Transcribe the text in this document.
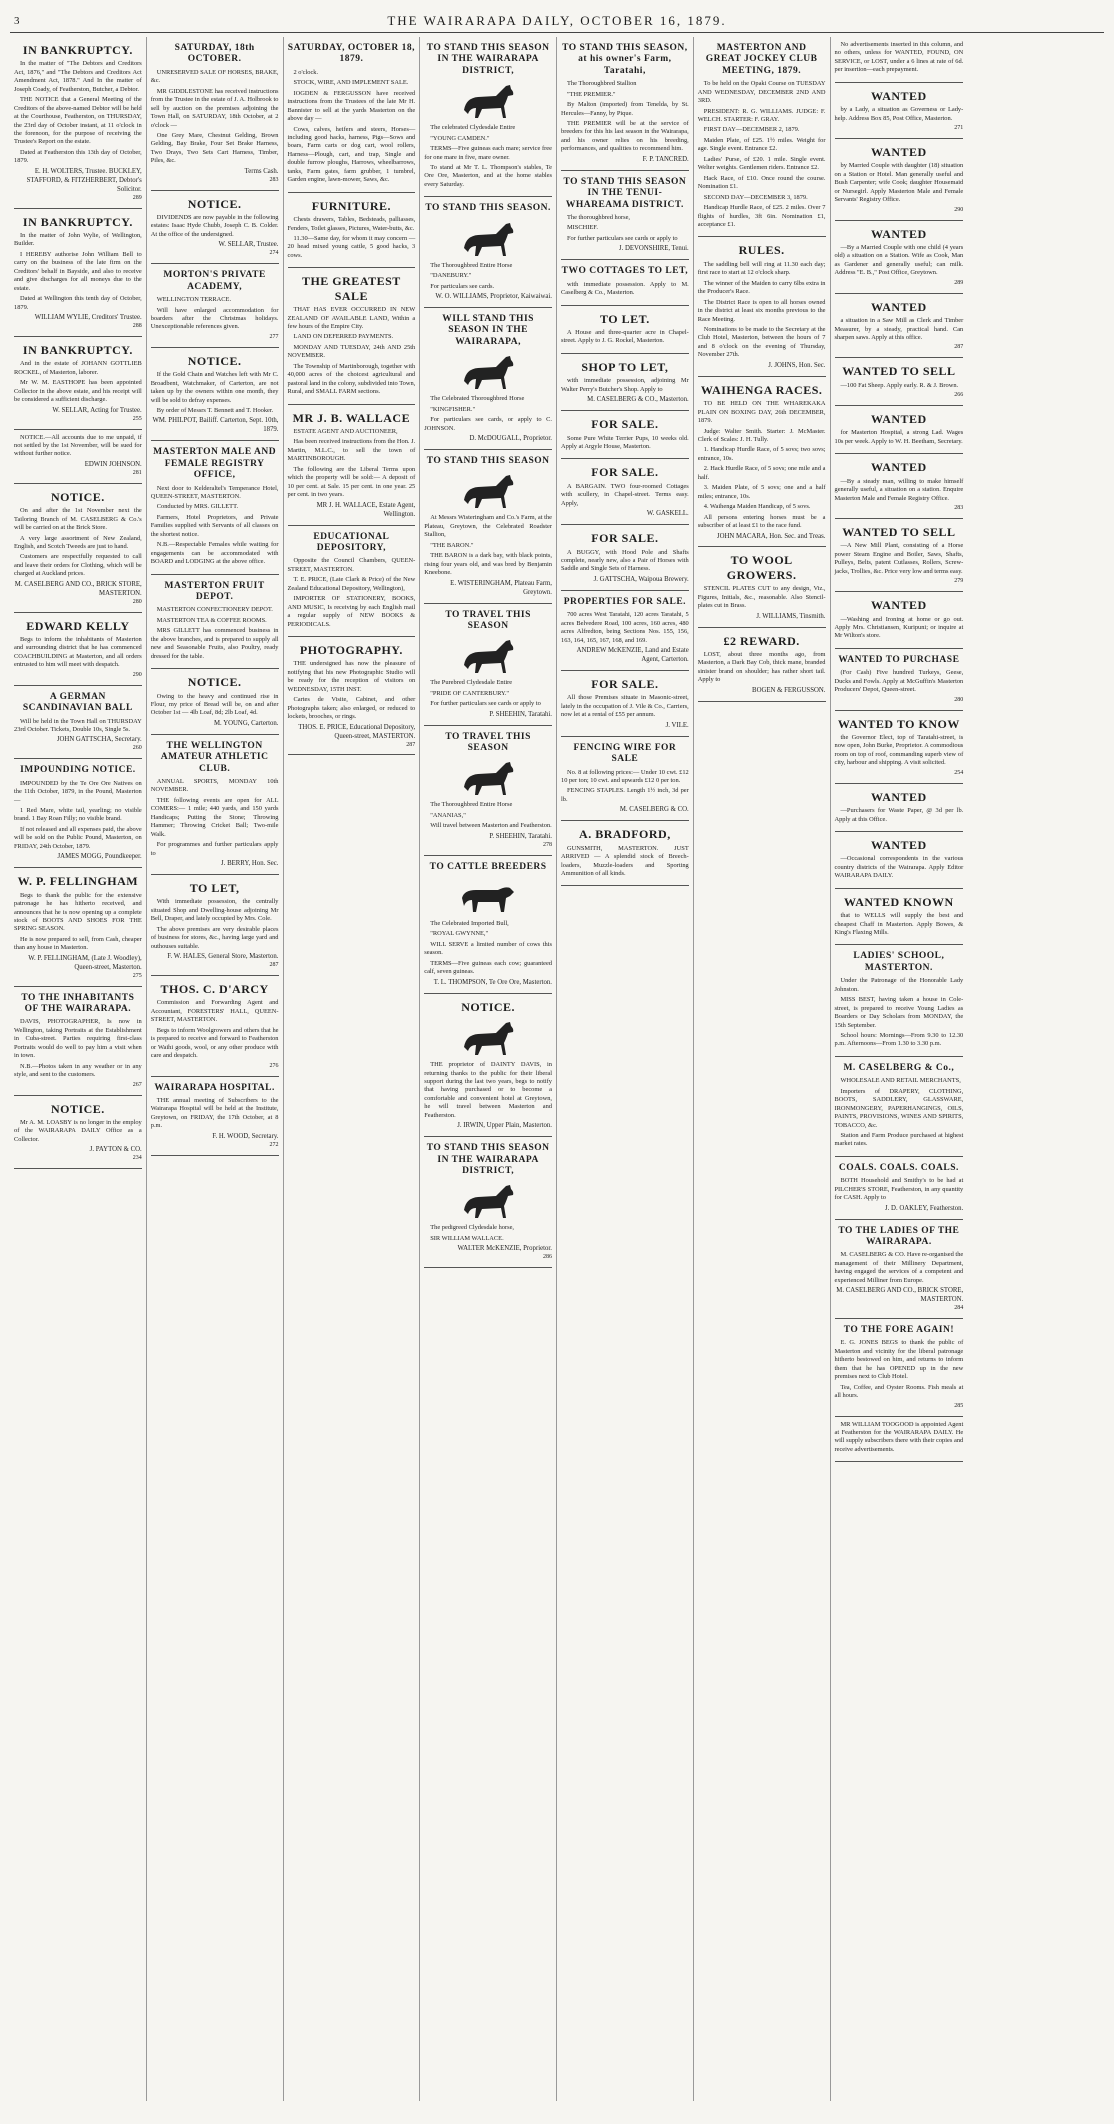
3	THE WAIRARAPA DAILY, OCTOBER 16, 1879.
IN BANKRUPTCY.

In the matter of "The Debtors and Creditors Act, 1876," and "The Debtors and Creditors Act Amendment Act, 1878." And In the matter of Joseph Coady, of Featherston, Butcher, a Debtor.

THE NOTICE that a General Meeting of the Creditors of the above-named Debtor will be held at the Courthouse, Featherston, on THURSDAY, the 23rd day of October instant, at 11 o'clock in the forenoon, for the purpose of receiving the Trustee's Report on the estate.

Dated at Featherston this 13th day of October, 1879.

E. H. WOLTERS, Trustee. BUCKLEY, STAFFORD, & FITZHERBERT, Debtor's Solicitor.
289
IN BANKRUPTCY.

In the matter of John Wylie, of Wellington, Builder.

I HEREBY authorise John William Bell to carry on the business of the late firm on the Creditors' behalf in Bayside, and also to receive and give discharges for all moneys due to the estate.

Dated at Wellington this tenth day of October, 1879.

WILLIAM WYLIE, Creditors' Trustee.
288
IN BANKRUPTCY.

And in the estate of JOHANN GOTTLIEB ROCKEL, of Masterton, laborer.

Mr W. M. EASTHOPE has been appointed Collector in the above estate, and his receipt will be considered a sufficient discharge.

W. SELLAR, Acting for Trustee.
255

NOTICE.—All accounts due to me unpaid, if not settled by the 1st November, will be sued for without further notice.

EDWIN JOHNSON.
281
NOTICE.

On and after the 1st November next the Tailoring Branch of M. CASELBERG & Co.'s will be carried on at the Brick Store.

A very large assortment of New Zealand, English, and Scotch Tweeds are just to hand.

Customers are respectfully requested to call and leave their orders for Clothing, which will be charged at Auckland prices.

M. CASELBERG AND CO., BRICK STORE, MASTERTON.
280
EDWARD KELLY

Begs to inform the inhabitants of Masterton and surrounding district that he has commenced COACHBUILDING at Masterton, and all orders entrusted to him will meet with despatch.

290
A GERMAN SCANDINAVIAN BALL

Will be held in the Town Hall on THURSDAY 23rd October. Tickets, Double 10s, Single 5s.

JOHN GATTSCHA, Secretary.
260
IMPOUNDING NOTICE.

IMPOUNDED by the Te Ore Ore Natives on the 11th October, 1879, in the Pound, Masterton —

1 Red Mare, white tail, yearling; no visible brand. 1 Bay Roan Filly; no visible brand.

If not released and all expenses paid, the above will be sold on the Public Pound, Masterton, on FRIDAY, 24th October, 1879.

JAMES MOGG, Poundkeeper.
W. P. FELLINGHAM

Begs to thank the public for the extensive patronage he has hitherto received, and announces that he is now opening up a complete stock of BOOTS AND SHOES FOR THE SPRING SEASON.

He is now prepared to sell, from Cash, cheaper than any house in Masterton.

W. P. FELLINGHAM, (Late J. Woodley), Queen-street, Masterton.
275
TO THE INHABITANTS OF THE WAIRARAPA.

DAVIS, PHOTOGRAPHER, Is now in Wellington, taking Portraits at the Establishment in Cuba-street. Parties requiring first-class Portraits would do well to pay him a visit when in town.

N.B.—Photos taken in any weather or in any style, and sent to the customers.

267
NOTICE.

Mr A. M. LOASBY is no longer in the employ of the WAIRARAPA DAILY Office as a Collector.

J. PAYTON & CO.
234
SATURDAY, 18th OCTOBER.

UNRESERVED SALE OF HORSES, BRAKE, &c.

MR GIDDLESTONE has received instructions from the Trustee in the estate of J. A. Holbrook to sell by auction on the premises adjoining the Town Hall, on SATURDAY, 18th October, at 2 o'clock —

One Grey Mare, Chestnut Gelding, Brown Gelding, Bay Brake, Four Set Brake Harness, Two Drays, Two Sets Cart Harness, Timber, Piles, &c.

Terms Cash.
283
NOTICE.

DIVIDENDS are now payable in the following estates: Isaac Hyde Chubb, Joseph C. B. Colder. At the office of the undersigned.

W. SELLAR, Trustee.
274
MORTON'S PRIVATE ACADEMY,

WELLINGTON TERRACE.

Will have enlarged accommodation for boarders after the Christmas holidays. Unexceptionable references given.

277
NOTICE.

If the Gold Chain and Watches left with Mr C. Broadbent, Watchmaker, of Carterton, are not taken up by the owners within one month, they will be sold to defray expenses.

By order of Messrs T. Bennett and T. Hooker.

WM. PHILPOT, Bailiff. Carterton, Sept. 10th, 1879.
MASTERTON MALE AND FEMALE REGISTRY OFFICE,

Next door to Kelderaltel's Temperance Hotel, QUEEN-STREET, MASTERTON.

Conducted by MRS. GILLETT.

Farmers, Hotel Proprietors, and Private Families supplied with Servants of all classes on the shortest notice.

N.B.—Respectable Females while waiting for engagements can be accommodated with BOARD and LODGING at the above office.

MASTERTON FRUIT DEPOT.

MASTERTON CONFECTIONERY DEPOT.

MASTERTON TEA & COFFEE ROOMS.

MRS GILLETT has commenced business in the above branches, and is prepared to supply all new and Seasonable Fruits, also Poultry, ready dressed for the table.

NOTICE.

Owing to the heavy and continued rise in Flour, my price of Bread will be, on and after October 1st — 4lb Loaf, 8d; 2lb Loaf, 4d.

M. YOUNG, Carterton.
THE WELLINGTON AMATEUR ATHLETIC CLUB.

ANNUAL SPORTS, MONDAY 10th NOVEMBER.

THE following events are open for ALL COMERS:— 1 mile; 440 yards, and 150 yards Handicaps; Putting the Stone; Throwing Hammer; Throwing Cricket Ball; Two-mile Walk.

For programmes and further particulars apply to

J. BERRY, Hon. Sec.
TO LET,

With immediate possession, the centrally situated Shop and Dwelling-house adjoining Mr Bell, Draper, and lately occupied by Mrs. Cole.

The above premises are very desirable places of business for stores, &c., having large yard and outhouses suitable.

F. W. HALES, General Store, Masterton.
287
THOS. C. D'ARCY

Commission and Forwarding Agent and Accountant, FORESTERS' HALL, QUEEN-STREET, MASTERTON.

Begs to inform Woolgrowers and others that he is prepared to receive and forward to Featherston or Waihi goods, wool, or any other produce with care and despatch.

276
WAIRARAPA HOSPITAL.

THE annual meeting of Subscribers to the Wairarapa Hospital will be held at the Institute, Greytown, on FRIDAY, the 17th October, at 8 p.m.

F. H. WOOD, Secretary.
272
SATURDAY, OCTOBER 18, 1879.

2 o'clock.

STOCK, WIRE, AND IMPLEMENT SALE.

IOGDEN & FERGUSSON have received instructions from the Trustees of the late Mr H. Bannister to sell at the yards Masterton on the above day —

Cows, calves, heifers and steers, Horses—including good hacks, harness, Pigs—Sows and boars, Farm carts or dog cart, wool rollers, Harness—Plough, cart, and trap, Single and double furrow ploughs, Harrows, wheelbarrows, tanks, Farm gates, farm grubber, 1 tumbrel, Garden engine, lawn-mower, Saws, &c.

FURNITURE.

Chests drawers, Tables, Bedsteads, palliasses, Fenders, Toilet glasses, Pictures, Water-butts, &c.

11.30—Same day, for whom it may concern — 20 head mixed young cattle, 5 good hacks, 3 cows.

THE GREATEST SALE

THAT HAS EVER OCCURRED IN NEW ZEALAND OF AVAILABLE LAND, Within a few hours of the Empire City.

LAND ON DEFERRED PAYMENTS.

MONDAY AND TUESDAY, 24th AND 25th NOVEMBER.

The Township of Martinborough, together with 40,000 acres of the choicest agricultural and pastoral land in the colony, subdivided into Town, Rural, and SMALL FARM sections.

MR J. B. WALLACE

ESTATE AGENT AND AUCTIONEER,

Has been received instructions from the Hon. J. Martin, M.L.C., to sell the town of MARTINBOROUGH.

The following are the Liberal Terms upon which the property will be sold:— A deposit of 10 per cent. at Sale. 15 per cent. in one year. 25 per cent. in two years.

MR J. H. WALLACE, Estate Agent, Wellington.
EDUCATIONAL DEPOSITORY,

Opposite the Council Chambers, QUEEN-STREET, MASTERTON.

T. E. PRICE, (Late Clark & Price) of the New Zealand Educational Depository, Wellington),

IMPORTER OF STATIONERY, BOOKS, AND MUSIC, Is receiving by each English mail a regular supply of NEW BOOKS & PERIODICALS.

PHOTOGRAPHY.

THE undersigned has now the pleasure of notifying that his new Photographic Studio will be ready for the reception of visitors on WEDNESDAY, 15TH INST.

Cartes de Visite, Cabinet, and other Photographs taken; also enlarged, or reduced to lockets, brooches, or rings.

THOS. E. PRICE, Educational Depository, Queen-street, MASTERTON.
287
TO STAND THIS SEASON IN THE WAIRARAPA DISTRICT,

The celebrated Clydesdale Entire

"YOUNG CAMDEN."

TERMS—Five guineas each mare; service free for one mare in five, mare owner.

To stand at Mr T. L. Thompson's stables, Te Ore Ore, Masterton, and at the home stables every Saturday.

TO STAND THIS SEASON.

The Thoroughbred Entire Horse

"DANEBURY."

For particulars see cards.

W. O. WILLIAMS, Proprietor, Kaiwaiwai.
WILL STAND THIS SEASON IN THE WAIRARAPA,

The Celebrated Thoroughbred Horse

"KINGFISHER."

For particulars see cards, or apply to C. JOHNSON.

D. McDOUGALL, Proprietor.
TO STAND THIS SEASON

At Messrs Wisteringham and Co.'s Farm, at the Plateau, Greytown, the Celebrated Roadster Stallion,

"THE BARON."

THE BARON is a dark bay, with black points, rising four years old, and was bred by Benjamin Kneebone.

E. WISTERINGHAM, Plateau Farm, Greytown.
TO TRAVEL THIS SEASON

The Purebred Clydesdale Entire

"PRIDE OF CANTERBURY."

For further particulars see cards or apply to

P. SHEEHIN, Taratahi.
TO TRAVEL THIS SEASON

The Thoroughbred Entire Horse

"ANANIAS,"

Will travel between Masterton and Featherston.

P. SHEEHIN, Taratahi.
278
TO CATTLE BREEDERS

The Celebrated Imported Bull,

"ROYAL GWYNNE,"

WILL SERVE a limited number of cows this season.

TERMS—Five guineas each cow; guaranteed calf, seven guineas.

T. L. THOMPSON, Te Ore Ore, Masterton.
NOTICE.

THE proprietor of DAINTY DAVIS, in returning thanks to the public for their liberal support during the last two years, begs to notify that having purchased or to become a comfortable and convenient hotel at Greytown, he will travel between Masterton and Featherston.

J. IRWIN, Upper Plain, Masterton.
TO STAND THIS SEASON IN THE WAIRARAPA DISTRICT,

The pedigreed Clydesdale horse,

SIR WILLIAM WALLACE.

WALTER McKENZIE, Proprietor.
286
TO STAND THIS SEASON, at his owner's Farm, Taratahi,

The Thoroughbred Stallion

"THE PREMIER."

By Malton (imported) from Tenelda, by St. Hercules—Fanny, by Pique.

THE PREMIER will be at the service of breeders for this his last season in the Wairarapa, and his owner relies on his breeding, performances, and qualities to recommend him.

F. P. TANCRED.
TO STAND THIS SEASON IN THE TENUI-WHAREAMA DISTRICT.

The thoroughbred horse,

MISCHIEF.

For further particulars see cards or apply to

J. DEVONSHIRE, Tenui.
TWO COTTAGES TO LET,

with immediate possession. Apply to M. Caselberg & Co., Masterton.

TO LET.

A House and three-quarter acre in Chapel-street. Apply to J. G. Rockel, Masterton.

SHOP TO LET,

with immediate possession, adjoining Mr Walter Perry's Butcher's Shop. Apply to

M. CASELBERG & CO., Masterton.
FOR SALE.

Some Pure White Terrier Pups, 10 weeks old. Apply at Argyle House, Masterton.

FOR SALE.

A BARGAIN. TWO four-roomed Cottages with scullery, in Chapel-street. Terms easy. Apply,

W. GASKELL.
FOR SALE.

A BUGGY, with Hood Pole and Shafts complete, nearly new, also a Pair of Horses with Saddle and Single Sets of Harness.

J. GATTSCHA, Waipoua Brewery.
PROPERTIES FOR SALE.

700 acres West Taratahi, 120 acres Taratahi, 5 acres Belvedere Road, 100 acres, 160 acres, 480 acres Alfredton, being Sections Nos. 155, 156, 163, 164, 165, 167, 168, and 169.

ANDREW McKENZIE, Land and Estate Agent, Carterton.
FOR SALE.

All those Premises situate in Masonic-street, lately in the occupation of J. Vile & Co., Carriers, now let at a rental of £55 per annum.

J. VILE.
FENCING WIRE FOR SALE

No. 8 at following prices:— Under 10 cwt. £12 10 per ton; 10 cwt. and upwards £12 0 per ton.

FENCING STAPLES. Length 1½ inch, 3d per lb.

M. CASELBERG & CO.
A. BRADFORD,

GUNSMITH, MASTERTON. JUST ARRIVED — A splendid stock of Breech-loaders, Muzzle-loaders and Sporting Ammunition of all kinds.

MASTERTON AND GREAT JOCKEY CLUB MEETING, 1879.

To be held on the Opaki Course on TUESDAY AND WEDNESDAY, DECEMBER 2ND AND 3RD.

PRESIDENT: R. G. WILLIAMS. JUDGE: F. WELCH. STARTER: F. GRAY.

FIRST DAY—DECEMBER 2, 1879.

Maiden Plate, of £25. 1½ miles. Weight for age. Single event. Entrance £2.

Ladies' Purse, of £20. 1 mile. Single event. Welter weights. Gentlemen riders. Entrance £2.

Hack Race, of £10. Once round the course. Nomination £1.

SECOND DAY—DECEMBER 3, 1879.

Handicap Hurdle Race, of £25. 2 miles. Over 7 flights of hurdles, 3ft 6in. Nomination £1, acceptance £1.

RULES.

The saddling bell will ring at 11.30 each day; first race to start at 12 o'clock sharp.

The winner of the Maiden to carry 6lbs extra in the Producer's Race.

The District Race is open to all horses owned in the district at least six months previous to the Race Meeting.

Nominations to be made to the Secretary at the Club Hotel, Masterton, between the hours of 7 and 8 o'clock on the evening of Thursday, November 27th.

J. JOHNS, Hon. Sec.
WAIHENGA RACES.

TO BE HELD ON THE WHAREKAKA PLAIN ON BOXING DAY, 26th DECEMBER, 1879.

Judge: Walter Smith. Starter: J. McMaster. Clerk of Scales: J. H. Tully.

1. Handicap Hurdle Race, of 5 sovs; two sovs; entrance, 10s.

2. Hack Hurdle Race, of 5 sovs; one mile and a half.

3. Maiden Plate, of 5 sovs; one and a half miles; entrance, 10s.

4. Waihenga Maiden Handicap, of 5 sovs.

All persons entering horses must be a subscriber of at least £1 to the race fund.

JOHN MACARA, Hon. Sec. and Treas.
TO WOOL GROWERS.

STENCIL PLATES CUT to any design, Viz., Figures, Initials, &c., reasonable. Also Stencil-plates cut in Brass.

J. WILLIAMS, Tinsmith.
£2 REWARD.

LOST, about three months ago, from Masterton, a Dark Bay Cob, thick mane, branded sinister brand on shoulder; has rather short tail. Apply to

BOGEN & FERGUSSON.

No advertisements inserted in this column, and no others, unless for WANTED, FOUND, ON SERVICE, or LOST, under a 6 lines at rate of 6d. per insertion—each prepayment.

WANTED

by a Lady, a situation as Governess or Lady-help. Address Box 85, Post Office, Masterton.

271
WANTED

by Married Couple with daughter (18) situation on a Station or Hotel. Man generally useful and Bush Carpenter; wife Cook; daughter Housemaid or Nursegirl. Apply Masterton Male and Female Servants' Registry Office.

290
WANTED

—By a Married Couple with one child (4 years old) a situation on a Station. Wife as Cook, Man as Gardener and generally useful; can milk. Address "E. B.," Post Office, Greytown.

289
WANTED

a situation in a Saw Mill as Clerk and Timber Measurer, by a steady, practical hand. Can sharpen saws. Apply at this office.

287
WANTED TO SELL

—100 Fat Sheep. Apply early. R. & J. Brown.

266
WANTED

for Masterton Hospital, a strong Lad. Wages 10s per week. Apply to W. H. Beetham, Secretary.

WANTED

—By a steady man, willing to make himself generally useful, a situation on a station. Enquire Masterton Male and Female Registry Office.

283
WANTED TO SELL

—A New Mill Plant, consisting of a Horse power Steam Engine and Boiler, Saws, Shafts, Pulleys, Belts, patent Cutlasses, Rollers, Screw-jacks, Trollies, &c. Price very low and terms easy.

279
WANTED

—Washing and Ironing at home or go out. Apply Mrs. Christiansen, Kuripuni; or inquire at Mr Wilton's store.

WANTED TO PURCHASE

(For Cash) Five hundred Turkeys, Geese, Ducks and Fowls. Apply at McGuffin's Masterton Producers' Depot, Queen-street.

280
WANTED TO KNOW

the Governor Elect, top of Taratahi-street, is now open, John Burke, Proprietor. A commodious room on top of roof, commanding superb view of city, harbour and shipping. A visit solicited.

254
WANTED

—Purchasers for Waste Paper, @ 3d per lb. Apply at this Office.

WANTED

—Occasional correspondents in the various country districts of the Wairarapa. Apply Editor WAIRARAPA DAILY.

WANTED KNOWN

that to WELLS will supply the best and cheapest Chaff in Masterton. Apply Bowes, & King's Flaxing Mills.

LADIES' SCHOOL, MASTERTON.

Under the Patronage of the Honorable Lady Johnston.

MISS BEST, having taken a house in Cole-street, is prepared to receive Young Ladies as Boarders or Day Scholars from MONDAY, the 15th September.

School hours: Mornings—From 9.30 to 12.30 p.m. Afternoons—From 1.30 to 3.30 p.m.

M. CASELBERG & Co.,

WHOLESALE AND RETAIL MERCHANTS,

Importers of DRAPERY, CLOTHING, BOOTS, SADDLERY, GLASSWARE, IRONMONGERY, PAPERHANGINGS, OILS, PAINTS, PROVISIONS, WINES AND SPIRITS, TOBACCO, &c.

Station and Farm Produce purchased at highest market rates.

COALS. COALS. COALS.

BOTH Household and Smithy's to be had at PILCHER'S STORE, Featherston, in any quantity for CASH. Apply to

J. D. OAKLEY, Featherston.
TO THE LADIES OF THE WAIRARAPA.

M. CASELBERG & CO. Have re-organised the management of their Millinery Department, having engaged the services of a competent and experienced Milliner from Europe.

M. CASELBERG AND CO., BRICK STORE, MASTERTON.
284
TO THE FORE AGAIN!

E. G. JONES BEGS to thank the public of Masterton and vicinity for the liberal patronage hitherto bestowed on him, and returns to inform them that he has OPENED up in the new premises next to Club Hotel.

Tea, Coffee, and Oyster Rooms. Fish meals at all hours.

285

MR WILLIAM TOOGOOD is appointed Agent at Featherston for the WAIRARAPA DAILY. He will supply subscribers there with their copies and receive advertisements.
